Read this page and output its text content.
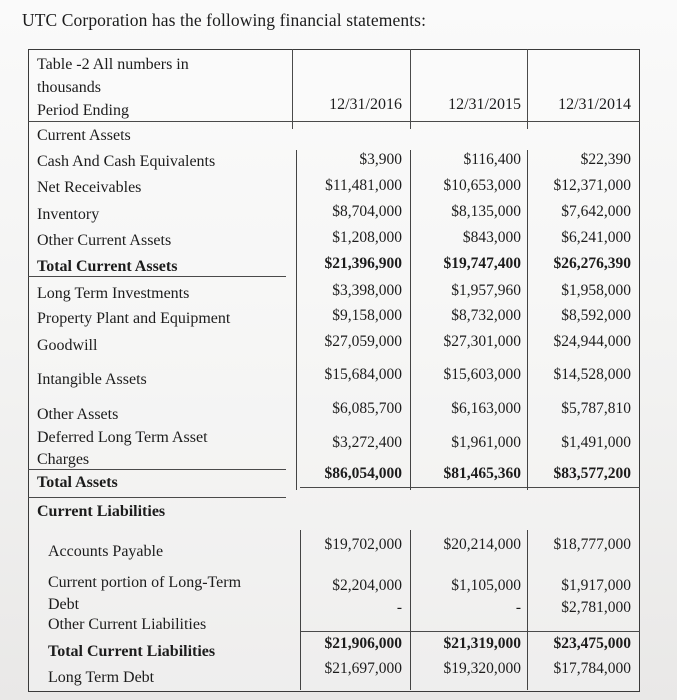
UTC Corporation has the following financial statements:
Table -2 All numbers in
thousands
Period Ending	12/31/2016	12/31/2015 12/31/2014
Current Assets
Cash And Cash Equivalents
Net Receivables
Inventory
Other Current Assets
Total Current Assets
Long Term Investments
Property Plant and Equipment
Goodwill
Intangible Assets
Other Assets
Deferred Long Term Asset
Charges
Total Assets
Current Liabilities
Accounts Payable
Current portion of Long-Term
Debt
Other Current Liabilities
Total Current Liabilities
Long Term Debt
$3,900
$11,481,000
$8,704,000
$1,208,000
$21,396,900
$3,398,000
$9,158,000
$27,059,000
$15,684,000
$6,085,700
$3,272,400
$86,054,000
$19,702,000
$2,204,000
-
$21,906,000
$21,697,000
$116,400
$10,653,000
$8,135,000
$843,000
$19,747,400
$1,957,960
$8,732,000
$27,301,000
$15,603,000
$6,163,000
$1,961,000
$81,465,360
$20,214,000
$1,105,000
-
$21,319,000
$19,320,000
$22,390
$12,371,000
$7,642,000
$6,241,000
$26,276,390
$1,958,000
$8,592,000
$24,944,000
$14,528,000
$5,787,810
$1,491,000
$83,577,200
$18,777,000
$1,917,000
$2,781,000
$23,475,000
$17,784,000
